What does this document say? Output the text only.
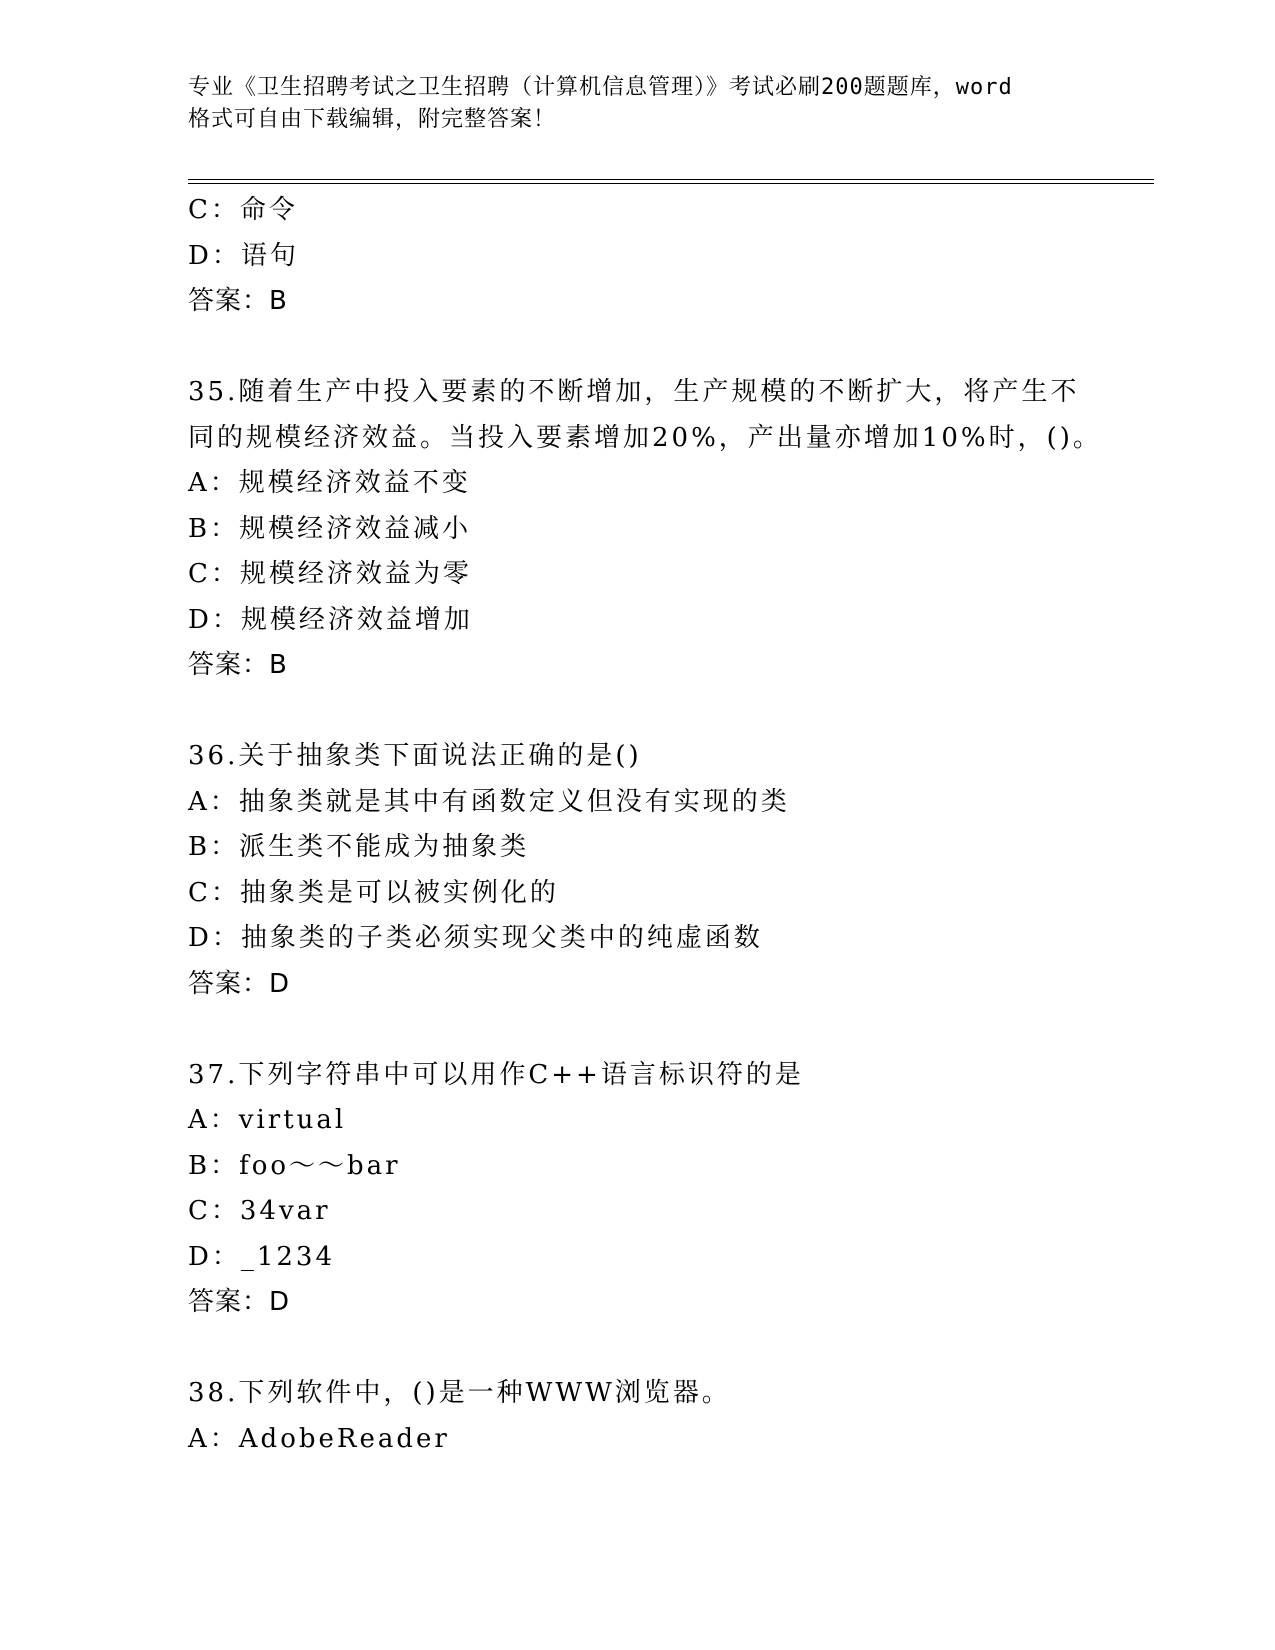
专业《卫生招聘考试之卫生招聘（计算机信息管理）》考试必刷200题题库，word
格式可自由下载编辑，附完整答案！
C：命令
D：语句
答案：B
35.随着生产中投入要素的不断增加，生产规模的不断扩大，将产生不
同的规模经济效益。当投入要素增加20%，产出量亦增加10%时，()。
A：规模经济效益不变
B：规模经济效益减小
C：规模经济效益为零
D：规模经济效益增加
答案：B
36.关于抽象类下面说法正确的是()
A：抽象类就是其中有函数定义但没有实现的类
B：派生类不能成为抽象类
C：抽象类是可以被实例化的
D：抽象类的子类必须实现父类中的纯虚函数
答案：D
37.下列字符串中可以用作C++语言标识符的是
A：virtual
B：foo～～bar
C：34var
D：_1234
答案：D
38.下列软件中，()是一种WWW浏览器。
A：AdobeReader
